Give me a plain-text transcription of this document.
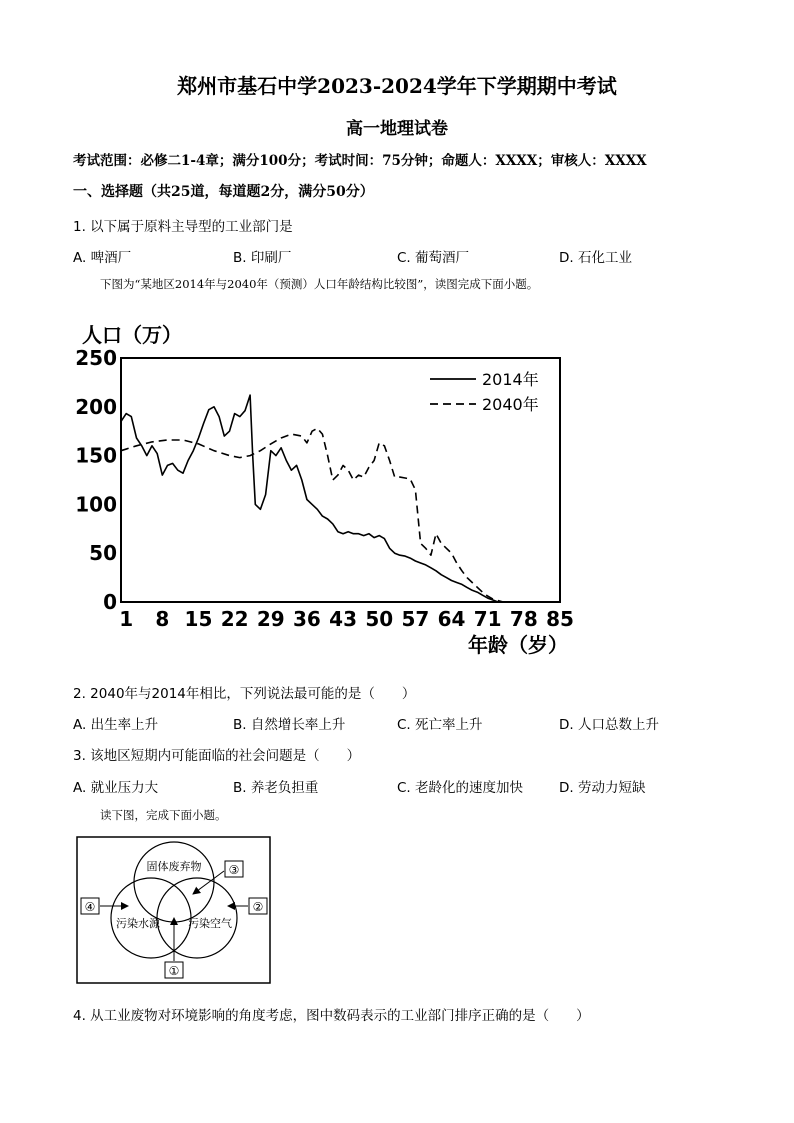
郑州市基石中学2023-2024学年下学期期中考试
高一地理试卷
考试范围：必修二1-4章；满分100分；考试时间：75分钟；命题人：XXXX；审核人：XXXX
一、选择题（共25道，每道题2分，满分50分）
1. 以下属于原料主导型的工业部门是
A. 啤酒厂	B. 印刷厂	C. 葡萄酒厂	D. 石化工业
下图为“某地区2014年与2040年（预测）人口年龄结构比较图”，读图完成下面小题。
人口（万）
年龄（岁）
0
50
100
150
200
250
1 8 15 22 29 36 43 50 57 64 71 78 85
2014年
2040年
2. 2040年与2014年相比，下列说法最可能的是（　　）
A. 出生率上升	B. 自然增长率上升	C. 死亡率上升	D. 人口总数上升
3. 该地区短期内可能面临的社会问题是（　　）
A. 就业压力大	B. 养老负担重	C. 老龄化的速度加快	D. 劳动力短缺
读下图，完成下面小题。
固体废弃物
污染水源	污染空气
③
④	②
①
4. 从工业废物对环境影响的角度考虑，图中数码表示的工业部门排序正确的是（　　）
